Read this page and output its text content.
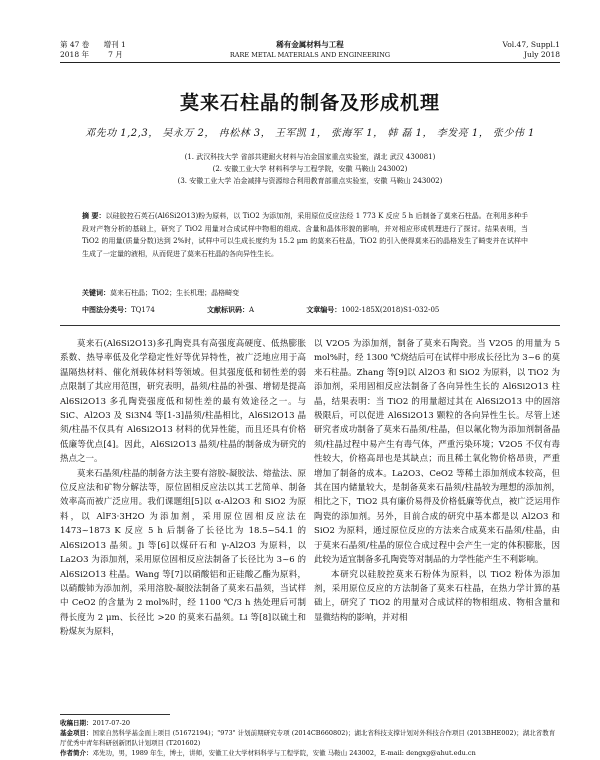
第 47 卷 增刊 1
2018 年	7 月
稀有金属材料与工程
RARE METAL MATERIALS AND ENGINEERING
Vol.47, Suppl.1
July 2018
莫来石柱晶的制备及形成机理
邓先功 1,2,3， 吴永万 2， 冉松林 3， 王军凯 1， 张海军 1， 韩 磊 1， 李发亮 1， 张少伟 1
(1. 武汉科技大学 省部共建耐火材料与冶金国家重点实验室，湖北 武汉 430081)
(2. 安徽工业大学 材料科学与工程学院，安徽 马鞍山 243002)
(3. 安徽工业大学 冶金减排与资源综合利用教育部重点实验室，安徽 马鞍山 243002)
摘 要：以硅胶控石英石(Al6Si2O13)粉为原料，以 TiO2 为添加剂，采用原位反应法经 1 773 K 反应 5 h 后制备了莫来石柱晶。在利用多种手段对产物分析的基础上，研究了 TiO2 用量对合成试样中物相的组成、含量和晶体形貌的影响，并对相应形成机理进行了探讨。结果表明，当 TiO2 的用量(质量分数)达到 2%时，试样中可以生成长度约为 15.2 μm 的莫来石柱晶，TiO2 的引入使得莫来石的晶格发生了畸变并在试样中生成了一定量的液相，从而促进了莫来石柱晶的各向异性生长。
关键词：莫来石柱晶；TiO2；生长机理；晶格畸变
中图法分类号：TQ174	文献标识码：A	文章编号：1002-185X(2018)S1-032-05

莫来石(Al6Si2O13)多孔陶瓷具有高强度高硬度、低热膨胀系数、热导率低及化学稳定性好等优异特性，被广泛地应用于高温隔热材料、催化剂载体材料等领域。但其强度低和韧性差的弱点限制了其应用范围，研究表明，晶须/柱晶的补强、增韧是提高 Al6Si2O13 多孔陶瓷强度低和韧性差的最有效途径之一。与 SiC、Al2O3 及 Si3N4 等[1-3]晶须/柱晶相比，Al6Si2O13 晶须/柱晶不仅具有 Al6Si2O13 材料的优异性能，而且还具有价格低廉等优点[4]。因此，Al6Si2O13 晶须/柱晶的制备成为研究的热点之一。

莫来石晶须/柱晶的制备方法主要有溶胶-凝胶法、熔盐法、原位反应法和矿物分解法等，原位固相反应法以其工艺简单、制备效率高而被广泛应用。我们课题组[5]以 α-Al2O3 和 SiO2 为原料，以 AlF3·3H2O 为添加剂，采用原位固相反应法在 1473~1873 K 反应 5 h 后制备了长径比为 18.5~54.1 的 Al6Si2O13 晶须。Ji 等[6]以煤矸石和 γ-Al2O3 为原料，以 La2O3 为添加剂，采用原位固相反应法制备了长径比为 3~6 的 Al6Si2O13 柱晶。Wang 等[7]以硝酸铝和正硅酸乙酯为原料，以硝酸铈为添加剂，采用溶胶-凝胶法制备了莫来石晶须，当试样中 CeO2 的含量为 2 mol%时，经 1100 ℃/3 h 热处理后可制得长度为 2 μm、长径比 >20 的莫来石晶须。Li 等[8]以硫土和粉煤灰为原料，

以 V2O5 为添加剂，制备了莫来石陶瓷。当 V2O5 的用量为 5 mol%时，经 1300 ℃烧结后可在试样中形成长径比为 3~6 的莫来石柱晶。Zhang 等[9]以 Al2O3 和 SiO2 为原料，以 TiO2 为添加剂，采用固相反应法制备了各向异性生长的 Al6Si2O13 柱晶，结果表明：当 TiO2 的用量超过其在 Al6Si2O13 中的固溶极限后，可以促进 Al6Si2O13 颗粒的各向异性生长。尽管上述研究者成功制备了莫来石晶须/柱晶，但以氟化物为添加剂制备晶须/柱晶过程中易产生有毒气体，严重污染环境；V2O5 不仅有毒性较大，价格高昂也是其缺点；而且稀土氧化物价格昂贵，严重增加了制备的成本。La2O3、CeO2 等稀土添加剂成本较高，但其在国内储量较大，是制备莫来石晶须/柱晶较为理想的添加剂，相比之下，TiO2 具有廉价易得及价格低廉等优点，被广泛运用作陶瓷的添加剂。另外，目前合成的研究中基本都是以 Al2O3 和 SiO2 为原料，通过原位反应的方法来合成莫来石晶须/柱晶，由于莫来石晶须/柱晶的原位合成过程中会产生一定的体积膨胀，因此较为适宜制备多孔陶瓷等对制品的力学性能产生不利影响。

本研究以硅胶控莫来石粉体为原料，以 TiO2 粉体为添加剂，采用原位反应的方法制备了莫来石柱晶，在热力学计算的基础上，研究了 TiO2 的用量对合成试样的物相组成、物相含量和显微结构的影响，并对相

收稿日期：2017-07-20
基金项目：国家自然科学基金面上项目 (51672194)；"973" 计划前期研究专项 (2014CB660802)；湖北省科技支撑计划对外科技合作项目 (2013BHE002)；湖北省教育厅优秀中青年科研创新团队计划项目 (T201602)
作者简介：邓先功，男，1989 年生，博士，讲师，安徽工业大学材料科学与工程学院，安徽 马鞍山 243002，E-mail: dengxg@ahut.edu.cn
